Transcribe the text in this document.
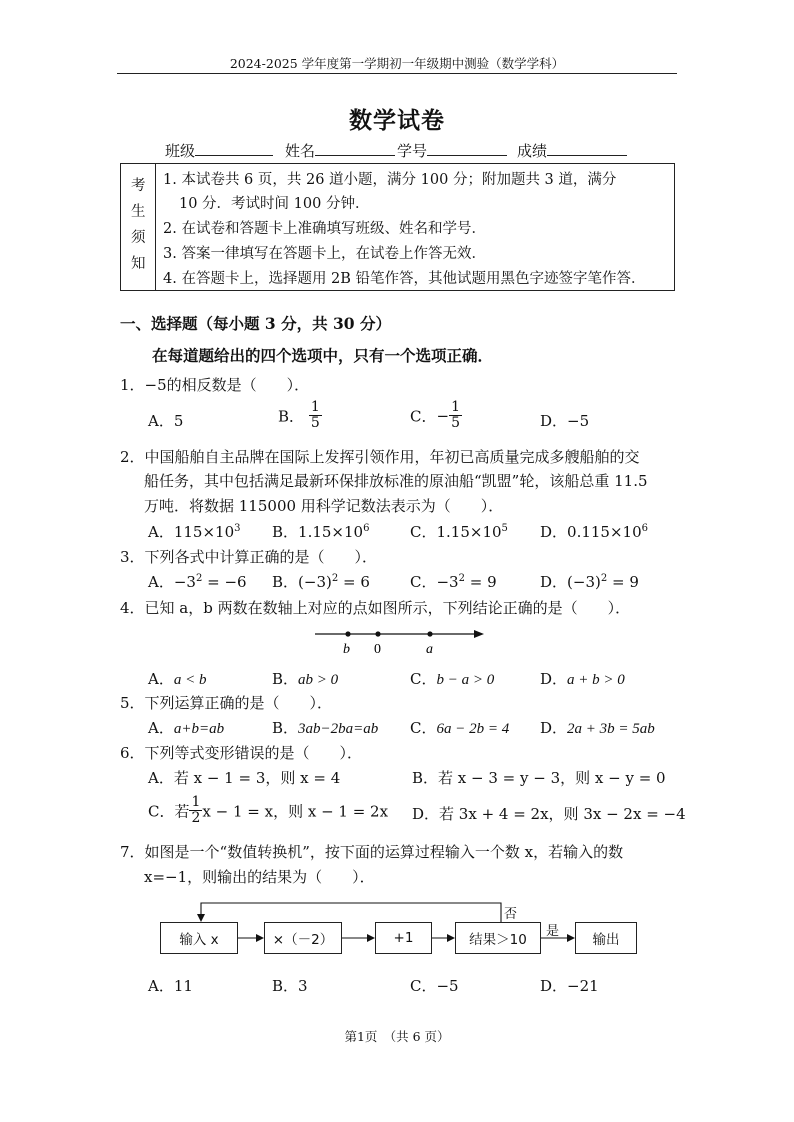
2024-2025 学年度第一学期初一年级期中测验（数学学科）
数学试卷
班级	姓名	学号	成绩
考
生
须
知
1. 本试卷共 6 页，共 26 道小题，满分 100 分；附加题共 3 道，满分
10 分．考试时间 100 分钟．
2. 在试卷和答题卡上准确填写班级、姓名和学号．
3. 答案一律填写在答题卡上，在试卷上作答无效．
4. 在答题卡上，选择题用 2B 铅笔作答，其他试题用黑色字迹签字笔作答．
一、选择题（每小题 3 分，共 30 分）
在每道题给出的四个选项中，只有一个选项正确．
1．−5的相反数是（　　）．
A．5	B． $\frac{1}{5}$	C．− $\frac{1}{5}$	D．−5
2．中国船舶自主品牌在国际上发挥引领作用，年初已高质量完成多艘船舶的交
船任务，其中包括满足最新环保排放标准的原油船“凯盟”轮，该船总重 11.5
万吨．将数据 115000 用科学记数法表示为（　　）．
A．$115\times 10^3$ B．$1.15\times 10^6$	C．$1.15\times 10^5$ D．$0.115\times 10^6$
3．下列各式中计算正确的是（　　）．
A．$-3^2 = -6$ B．$(-3)^2 = 6$	C．$-3^2 = 9$	D．$(-3)^2 = 9$
4．已知 a，b 两数在数轴上对应的点如图所示，下列结论正确的是（　　）．
b 0	a
A．a < b	B．ab > 0	C．b − a > 0	D．a + b > 0
5．下列运算正确的是（　　）．
A．a+b=ab	B．3ab−2ba=ab C．6a − 2b = 4 D．2a + 3b = 5ab
6．下列等式变形错误的是（　　）．
A．若 x − 1 = 3，则 x = 4	B．若 x − 3 = y − 3，则 x − y = 0
C．若 $\frac{1}{2}$ x − 1 = x，则 x − 1 = 2x D．若 3x + 4 = 2x，则 3x − 2x = −4
7．如图是一个“数值转换机”，按下面的运算过程输入一个数 x，若输入的数
x=−1，则输出的结果为（　　）．
输入 x	×（－2）	+1	结果＞10	输出
否
是
A．11	B．3	C．−5	D．−21
第1页　（共 6 页）
